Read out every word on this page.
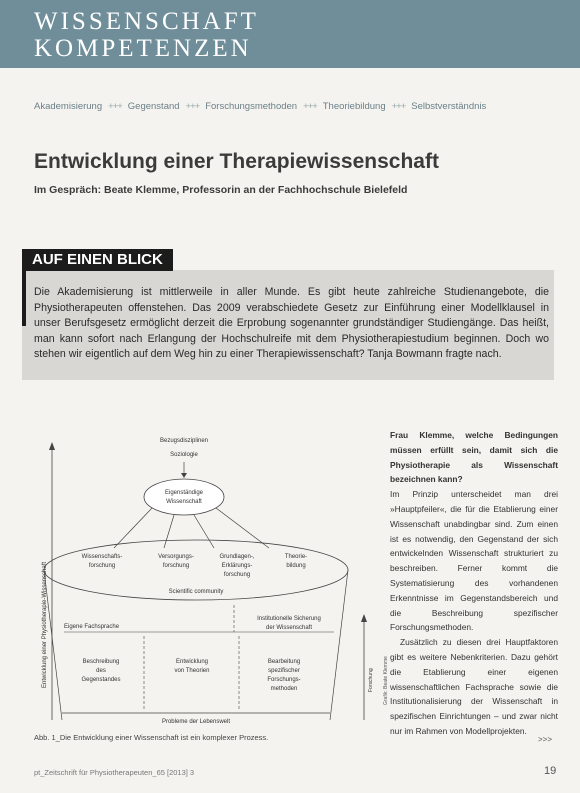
WISSENSCHAFT
KOMPETENZEN
Akademisierung +++ Gegenstand +++ Forschungsmethoden +++ Theoriebildung +++ Selbstverständnis
Entwicklung einer Therapiewissenschaft
Im Gespräch: Beate Klemme, Professorin an der Fachhochschule Bielefeld
AUF EINEN BLICK
Die Akademisierung ist mittlerweile in aller Munde. Es gibt heute zahlreiche Studienangebote, die Physiotherapeuten offenstehen. Das 2009 verabschiedete Gesetz zur Einführung einer Modellklausel in unser Berufsgesetz ermöglicht derzeit die Erprobung sogenannter grundständiger Studiengänge. Das heißt, man kann sofort nach Erlangung der Hochschulreife mit dem Physiotherapiestudium beginnen. Doch wo stehen wir eigentlich auf dem Weg hin zu einer Therapiewissenschaft? Tanja Bowmann fragte nach.
Entwicklung einer Physiotherapie-Wissenschaft	Forschung
Bezugsdisziplinen
Soziologie
Eigenständige
Wissenschaft
Wissenschafts-
forschung
Versorgungs-
forschung
Grundlagen-,
Erklärungs-
forschung
Theorie-
bildung
Scientific community
Eigene Fachsprache
Institutionelle Sicherung
der Wissenschaft
Beschreibung
des
Gegenstandes
Entwicklung
von Theorien
Bearbeitung
spezifischer
Forschungs-
methoden
Probleme der Lebenswelt
Grafik: Beate Klemme
Abb. 1_Die Entwicklung einer Wissenschaft ist ein komplexer Prozess.

Frau Klemme, welche Bedingungen müssen erfüllt sein, damit sich die Physiotherapie als Wissenschaft bezeichnen kann?

Im Prinzip unterscheidet man drei »Hauptpfeiler«, die für die Etablierung einer Wissenschaft unabdingbar sind. Zum einen ist es notwendig, den Gegenstand der sich entwickelnden Wissenschaft strukturiert zu beschreiben. Ferner kommt die Systematisierung des vorhandenen Erkenntnisse im Gegenstandsbereich und die Beschreibung spezifischer Forschungsmethoden.

Zusätzlich zu diesen drei Hauptfaktoren gibt es weitere Nebenkriterien. Dazu gehört die Etablierung einer eigenen wissenschaftlichen Fachsprache sowie die Institutionalisierung der Wissenschaft in spezifischen Einrichtungen – und zwar nicht nur im Rahmen von Modellprojekten.

>>>
pt_Zeitschrift für Physiotherapeuten_65 [2013] 3	19
